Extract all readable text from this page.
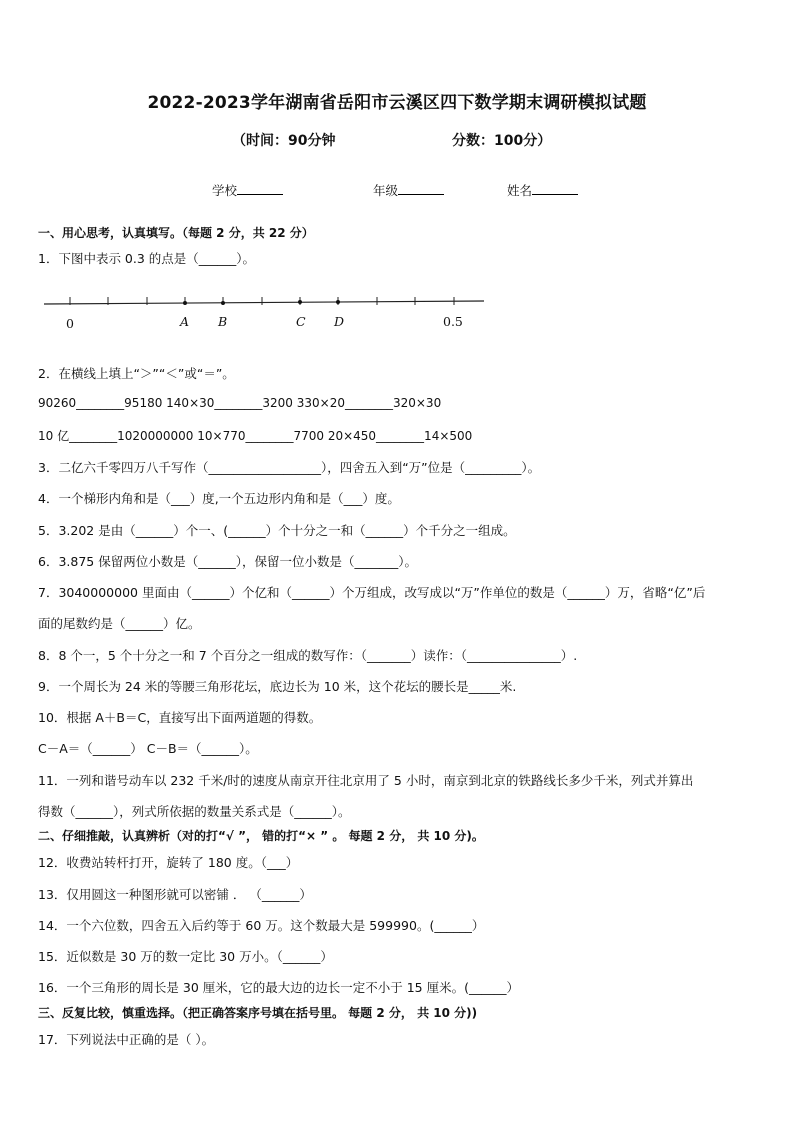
2022-2023学年湖南省岳阳市云溪区四下数学期末调研模拟试题
（时间：90分钟	分数：100分）
学校	年级	姓名
一、用心思考，认真填写。（每题 2 分，共 22 分）
1．下图中表示 0.3 的点是（______）。
0	A B	C D	0.5
2．在横线上填上“＞”“＜”或“＝”。
90260________95180 140×30________3200 330×20________320×30
10 亿________1020000000 10×770________7700 20×450________14×500
3．二亿六千零四万八千写作（__________________），四舍五入到“万”位是（_________）。
4．一个梯形内角和是（___）度,一个五边形内角和是（___）度。
5．3.202 是由（______）个一、(______）个十分之一和（______）个千分之一组成。
6．3.875 保留两位小数是（______），保留一位小数是（_______）。
7．3040000000 里面由（______）个亿和（______）个万组成，改写成以“万”作单位的数是（______）万，省略“亿”后
面的尾数约是（______）亿。
8．8 个一，5 个十分之一和 7 个百分之一组成的数写作：（_______）读作：（_______________）.
9．一个周长为 24 米的等腰三角形花坛，底边长为 10 米，这个花坛的腰长是_____米.
10．根据 A＋B＝C，直接写出下面两道题的得数。
C－A＝（______） C－B＝（______）。
11．一列和谐号动车以 232 千米/时的速度从南京开往北京用了 5 小时，南京到北京的铁路线长多少千米，列式并算出
得数（______），列式所依据的数量关系式是（______）。
二、仔细推敲，认真辨析（对的打“√ ”， 错的打“× ” 。 每题 2 分， 共 10 分)。
12．收费站转杆打开，旋转了 180 度。（___）
13．仅用圆这一种图形就可以密铺 ． （______）
14．一个六位数，四舍五入后约等于 60 万。这个数最大是 599990。(______）
15．近似数是 30 万的数一定比 30 万小。（______）
16．一个三角形的周长是 30 厘米，它的最大边的边长一定不小于 15 厘米。(______）
三、反复比较，慎重选择。（把正确答案序号填在括号里。 每题 2 分， 共 10 分))
17．下列说法中正确的是（ ）。
